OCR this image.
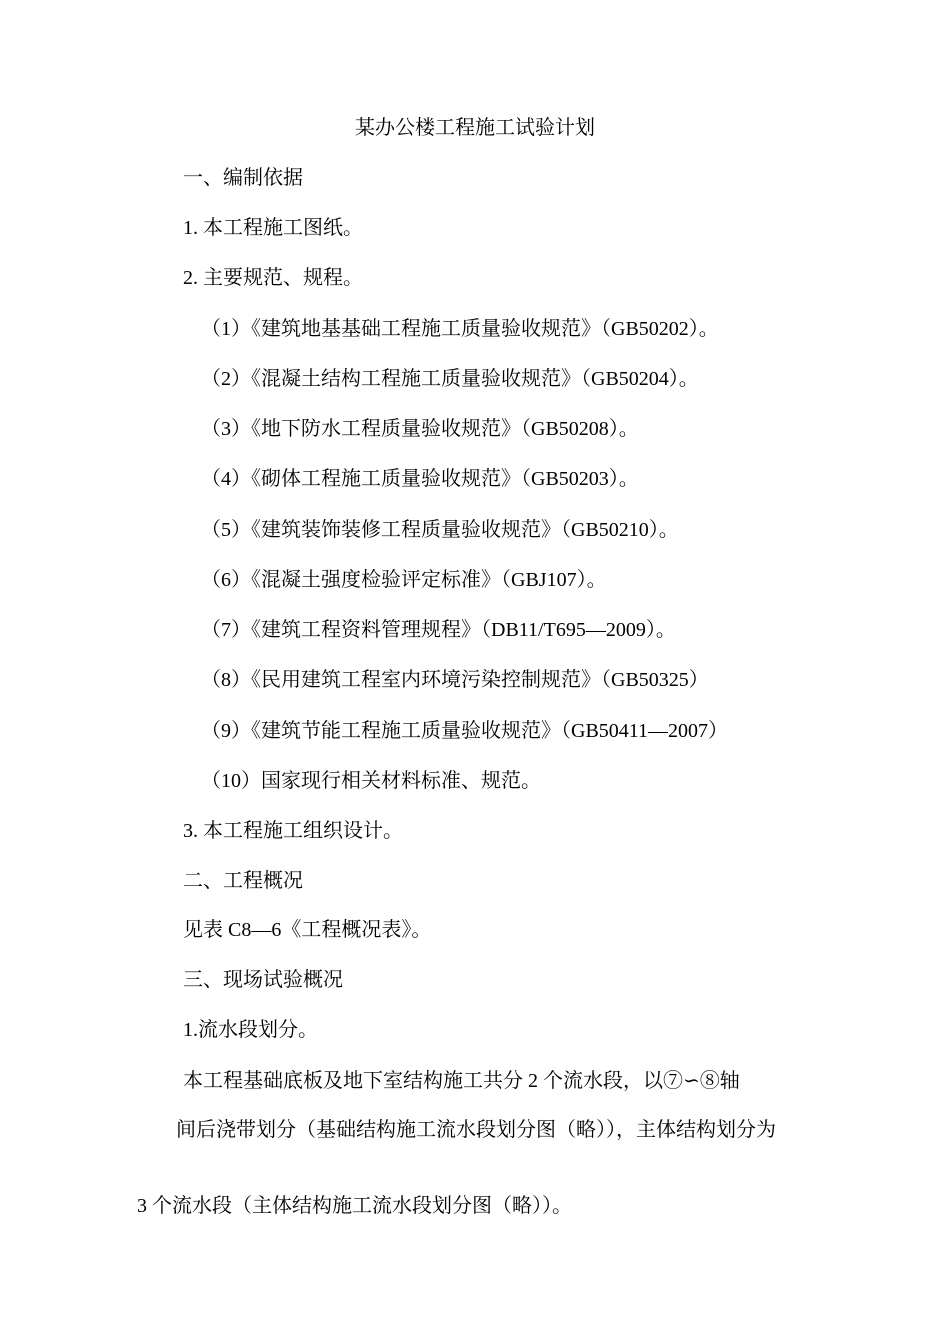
某办公楼工程施工试验计划
一、编制依据
1. 本工程施工图纸。
2. 主要规范、规程。
（1）《建筑地基基础工程施工质量验收规范》（GB50202）。
（2）《混凝土结构工程施工质量验收规范》（GB50204）。
（3）《地下防水工程质量验收规范》（GB50208）。
（4）《砌体工程施工质量验收规范》（GB50203）。
（5）《建筑装饰装修工程质量验收规范》（GB50210）。
（6）《混凝土强度检验评定标准》（GBJ107）。
（7）《建筑工程资料管理规程》（DB11/T695—2009）。
（8）《民用建筑工程室内环境污染控制规范》（GB50325）
（9）《建筑节能工程施工质量验收规范》（GB50411—2007）
（10）国家现行相关材料标准、规范。
3. 本工程施工组织设计。
二、工程概况
见表 C8—6《工程概况表》。
三、现场试验概况
1.流水段划分。
本工程基础底板及地下室结构施工共分 2 个流水段，以⑦∽⑧轴
间后浇带划分（基础结构施工流水段划分图（略）），主体结构划分为
3 个流水段（主体结构施工流水段划分图（略））。
